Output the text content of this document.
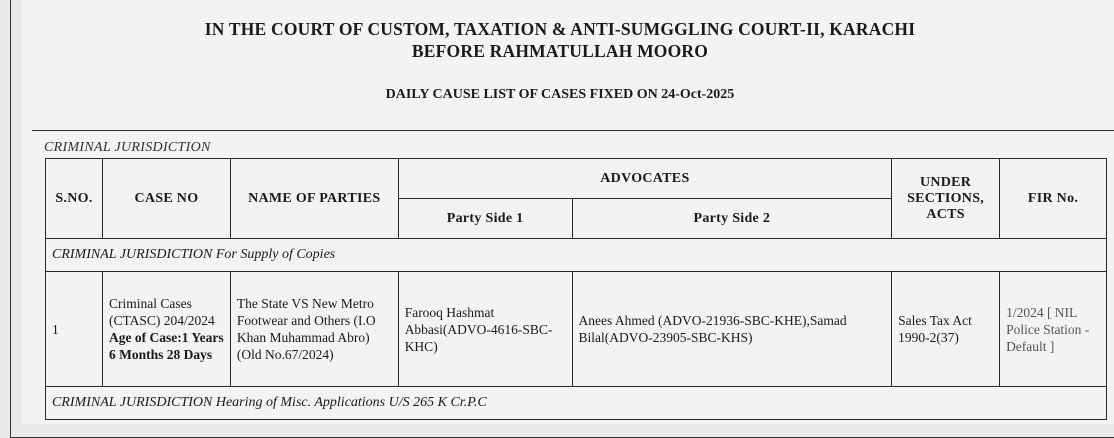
IN THE COURT OF CUSTOM, TAXATION & ANTI-SUMGGLING COURT-II, KARACHI
BEFORE RAHMATULLAH MOORO
DAILY CAUSE LIST OF CASES FIXED ON 24-Oct-2025
CRIMINAL JURISDICTION
S.NO.	CASE NO	NAME OF PARTIES	ADVOCATES		UNDER SECTIONS, ACTS	FIR No.
			Party Side 1	Party Side 2		
CRIMINAL JURISDICTION For Supply of Copies						
1	Criminal Cases (CTASC) 204/2024 Age of Case:1 Years 6 Months 28 Days	The State VS New Metro Footwear and Others (I.O Khan Muhammad Abro) (Old No.67/2024)	Farooq Hashmat Abbasi(ADVO-4616-SBC-KHC)	Anees Ahmed (ADVO-21936-SBC-KHE),Samad Bilal(ADVO-23905-SBC-KHS)	Sales Tax Act 1990-2(37)	1/2024 [ NIL Police Station - Default ]
CRIMINAL JURISDICTION Hearing of Misc. Applications U/S 265 K Cr.P.C						
